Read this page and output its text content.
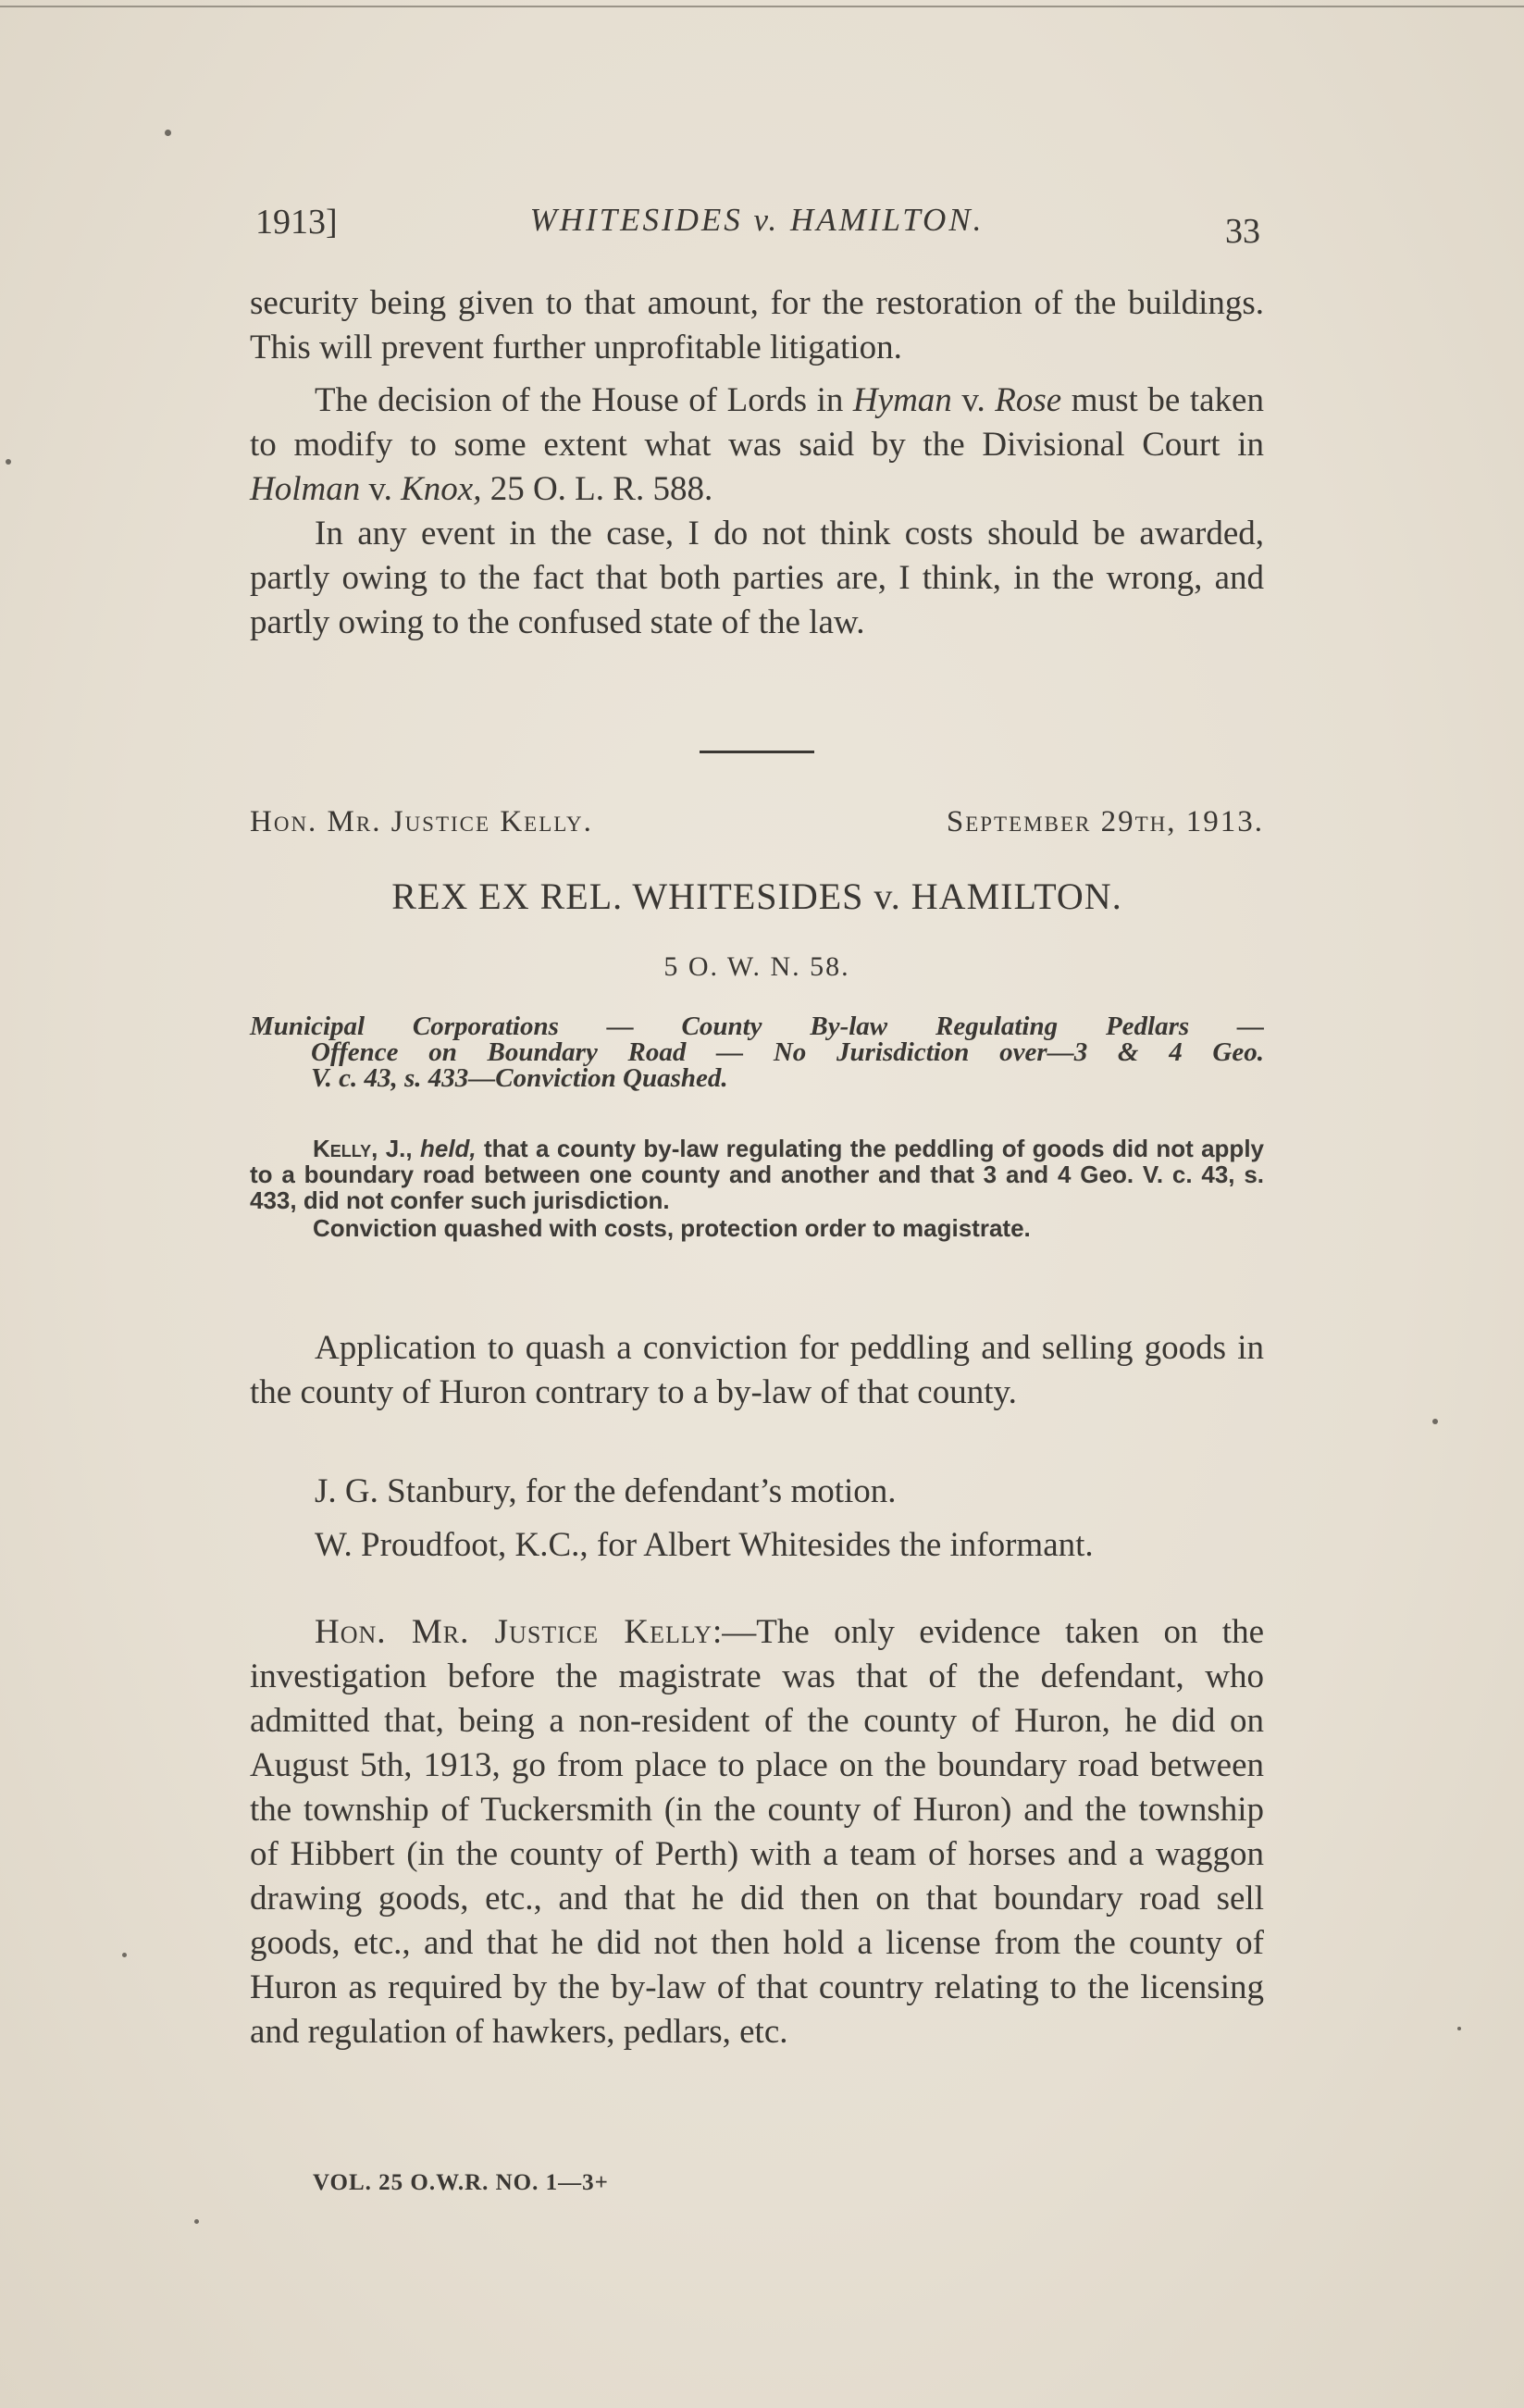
1913]	WHITESIDES v. HAMILTON.	33

security being given to that amount, for the restoration of the buildings. This will prevent further unprofitable litigation.

The decision of the House of Lords in Hyman v. Rose must be taken to modify to some extent what was said by the Divisional Court in Holman v. Knox, 25 O. L. R. 588.

In any event in the case, I do not think costs should be awarded, partly owing to the fact that both parties are, I think, in the wrong, and partly owing to the confused state of the law.

Hon. Mr. Justice Kelly.	September 29th, 1913.
REX EX REL. WHITESIDES v. HAMILTON.
5 O. W. N. 58.
Municipal Corporations — County By-law Regulating Pedlars —
Offence on Boundary Road — No Jurisdiction over—3 & 4 Geo.
V. c. 43, s. 433—Conviction Quashed.

Kelly, J., held, that a county by-law regulating the peddling of goods did not apply to a boundary road between one county and another and that 3 and 4 Geo. V. c. 43, s. 433, did not confer such jurisdiction.

Conviction quashed with costs, protection order to magistrate.

Application to quash a conviction for peddling and selling goods in the county of Huron contrary to a by-law of that county.

J. G. Stanbury, for the defendant’s motion.
W. Proudfoot, K.C., for Albert Whitesides the informant.

Hon. Mr. Justice Kelly:—The only evidence taken on the investigation before the magistrate was that of the defendant, who admitted that, being a non-resident of the county of Huron, he did on August 5th, 1913, go from place to place on the boundary road between the township of Tuckersmith (in the county of Huron) and the township of Hibbert (in the county of Perth) with a team of horses and a waggon drawing goods, etc., and that he did then on that boundary road sell goods, etc., and that he did not then hold a license from the county of Huron as required by the by-law of that country relating to the licensing and regulation of hawkers, pedlars, etc.

VOL. 25 O.W.R. NO. 1—3+
